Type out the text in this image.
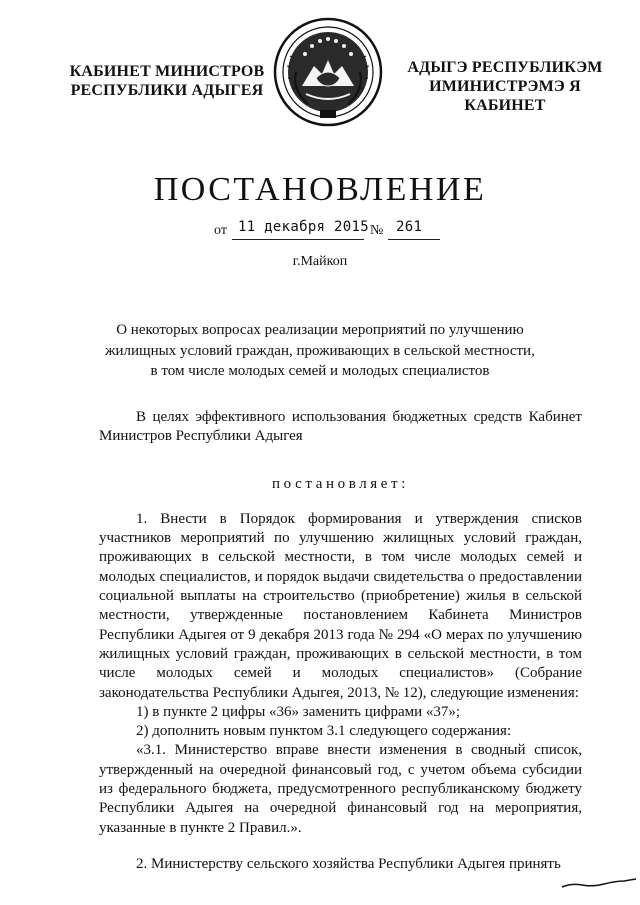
КАБИНЕТ МИНИСТРОВ
РЕСПУБЛИКИ АДЫГЕЯ
АДЫГЭ РЕСПУБЛИКЭМ
ИМИНИСТРЭМЭ Я КАБИНЕТ
ПОСТАНОВЛЕНИЕ
от 11 декабря 2015 № 261
г.Майкоп
О некоторых вопросах реализации мероприятий по улучшению жилищных условий граждан, проживающих в сельской местности, в том числе молодых семей и молодых специалистов

В целях эффективного использования бюджетных средств Кабинет Министров Республики Адыгея

постановляет:

1. Внести в Порядок формирования и утверждения списков участников мероприятий по улучшению жилищных условий граждан, проживающих в сельской местности, в том числе молодых семей и молодых специалистов, и порядок выдачи свидетельства о предоставлении социальной выплаты на строительство (приобретение) жилья в сельской местности, утвержденные постановлением Кабинета Министров Республики Адыгея от 9 декабря 2013 года № 294 «О мерах по улучшению жилищных условий граждан, проживающих в сельской местности, в том числе молодых семей и молодых специалистов» (Собрание законодательства Республики Адыгея, 2013, № 12), следующие изменения:

1) в пункте 2 цифры «36» заменить цифрами «37»;

2) дополнить новым пунктом 3.1 следующего содержания:

«3.1. Министерство вправе внести изменения в сводный список, утвержденный на очередной финансовый год, с учетом объема субсидии из федерального бюджета, предусмотренного республиканскому бюджету Республики Адыгея на очередной финансовый год на мероприятия, указанные в пункте 2 Правил.».

2. Министерству сельского хозяйства Республики Адыгея принять
